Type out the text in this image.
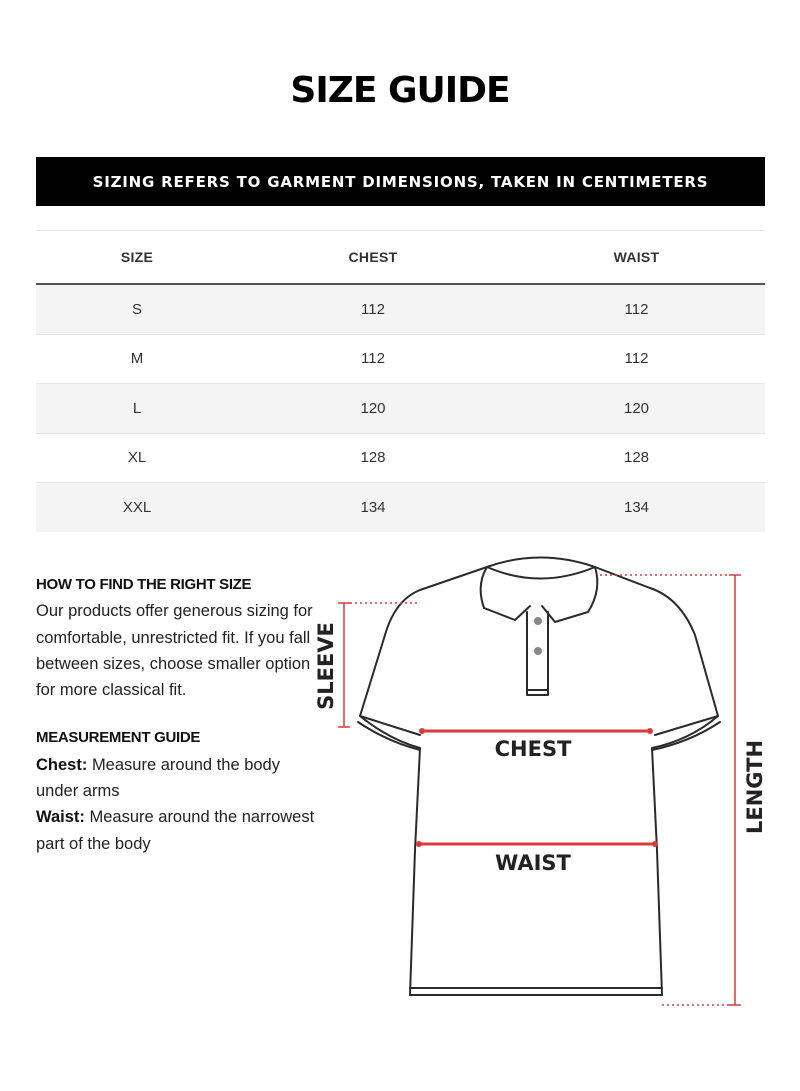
SIZE GUIDE
SIZING REFERS TO GARMENT DIMENSIONS, TAKEN IN CENTIMETERS
SIZE	CHEST	WAIST
S	112	112
M	112	112
L	120	120
XL	128	128
XXL	134	134
HOW TO FIND THE RIGHT SIZE

Our products offer generous sizing for comfortable, unrestricted fit. If you fall between sizes, choose smaller option for more classical fit.

MEASUREMENT GUIDE

Chest: Measure around the body under arms

Waist: Measure around the narrowest part of the body

CHEST
WAIST
SLEEVE
LENGTH
